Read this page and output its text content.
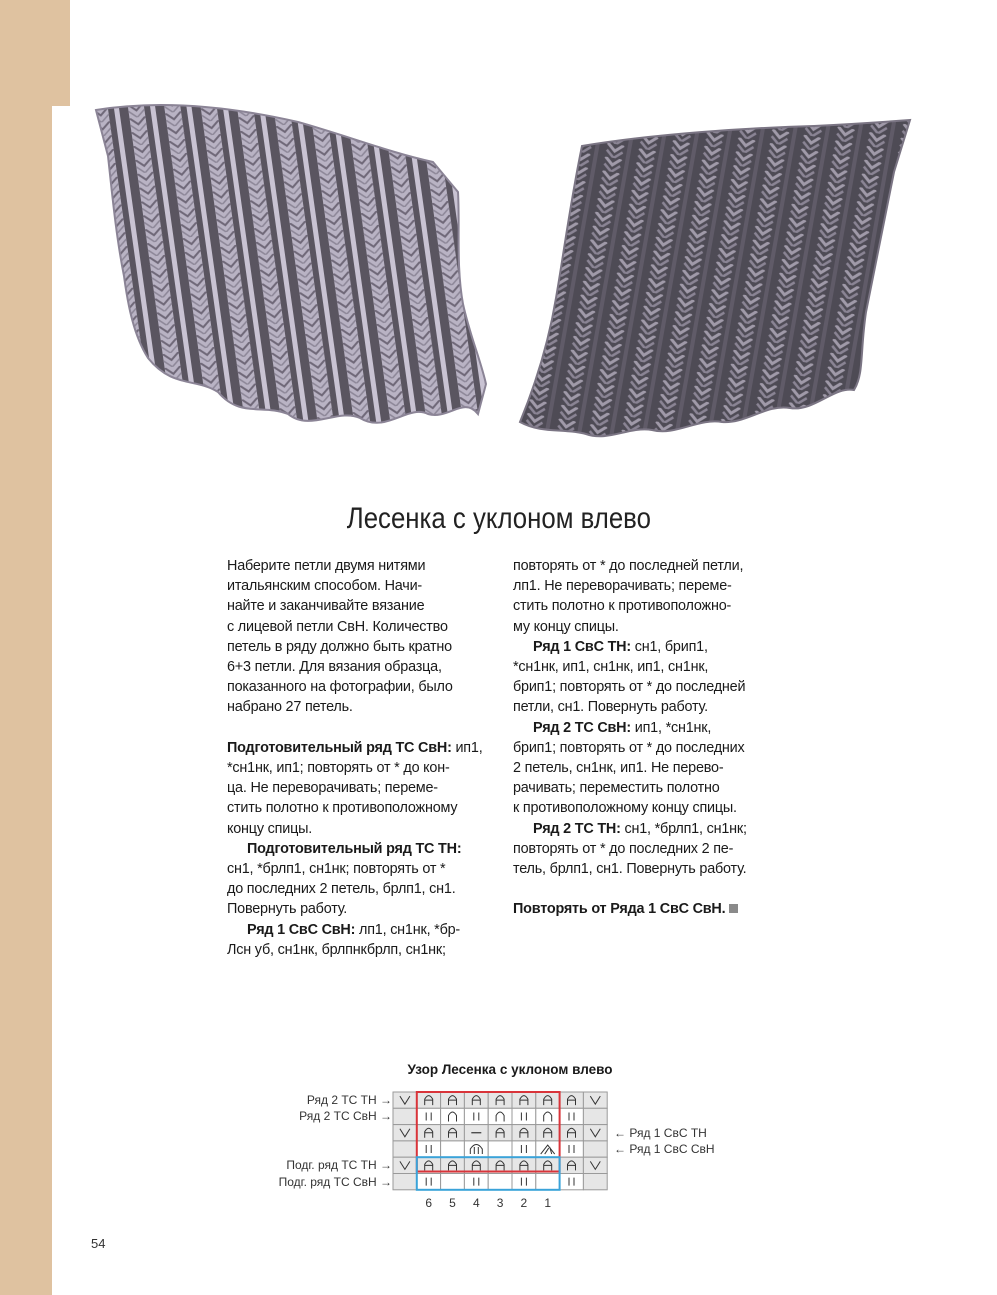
Лесенка с уклоном влево

Наберите петли двумя нитями

итальянским способом. Начи-

найте и заканчивайте вязание

с лицевой петли СвН. Количество

петель в ряду должно быть кратно

6+3 петли. Для вязания образца,

показанного на фотографии, было

набрано 27 петель.

Подготовительный ряд ТС СвН: ип1,

*сн1нк, ип1; повторять от * до кон-

ца. Не переворачивать; переме-

стить полотно к противоположному

концу спицы.

Подготовительный ряд ТС ТН:

сн1, *брлп1, сн1нк; повторять от *

до последних 2 петель, брлп1, сн1.

Повернуть работу.

Ряд 1 СвС СвН: лп1, сн1нк, *бр-

Лсн уб, сн1нк, брлпнкбрлп, сн1нк;

повторять от * до последней петли,

лп1. Не переворачивать; переме-

стить полотно к противоположно-

му концу спицы.

Ряд 1 СвС ТН: сн1, брип1,

*сн1нк, ип1, сн1нк, ип1, сн1нк,

брип1; повторять от * до последней

петли, сн1. Повернуть работу.

Ряд 2 ТС СвН: ип1, *сн1нк,

брип1; повторять от * до последних

2 петель, сн1нк, ип1. Не перево-

рачивать; переместить полотно

к противоположному концу спицы.

Ряд 2 ТС ТН: сн1, *брлп1, сн1нк;

повторять от * до последних 2 пе-

тель, брлп1, сн1. Повернуть работу.

Повторять от Ряда 1 СвС СвН.

Узор Лесенка с уклоном влево
Ряд 2 ТС ТН →
Ряд 2 ТС СвН →
Подг. ряд ТС ТН →
Подг. ряд ТС СвН →
← Ряд 1 СвС ТН
← Ряд 1 СвС СвН
6 5 4 3 2 1
54
